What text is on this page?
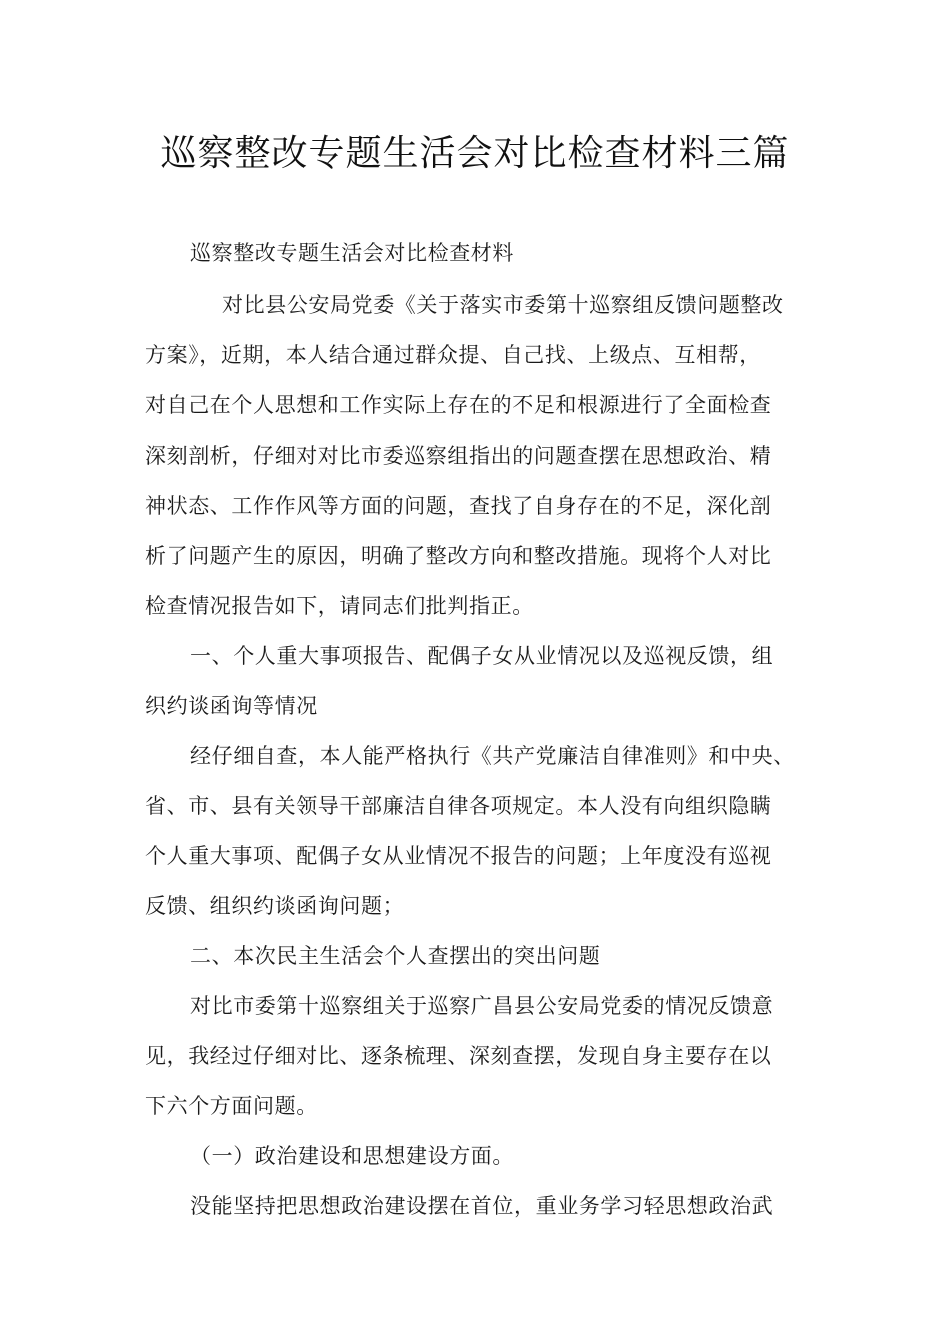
巡察整改专题生活会对比检查材料三篇
巡察整改专题生活会对比检查材料
对比县公安局党委《关于落实市委第十巡察组反馈问题整改
方案》，近期，本人结合通过群众提、自己找、上级点、互相帮，
对自己在个人思想和工作实际上存在的不足和根源进行了全面检查
深刻剖析，仔细对对比市委巡察组指出的问题查摆在思想政治、精
神状态、工作作风等方面的问题，查找了自身存在的不足，深化剖
析了问题产生的原因，明确了整改方向和整改措施。现将个人对比
检查情况报告如下，请同志们批判指正。
一、个人重大事项报告、配偶子女从业情况以及巡视反馈，组
织约谈函询等情况
经仔细自查，本人能严格执行《共产党廉洁自律准则》和中央、
省、市、县有关领导干部廉洁自律各项规定。本人没有向组织隐瞒
个人重大事项、配偶子女从业情况不报告的问题；上年度没有巡视
反馈、组织约谈函询问题；
二、本次民主生活会个人查摆出的突出问题
对比市委第十巡察组关于巡察广昌县公安局党委的情况反馈意
见，我经过仔细对比、逐条梳理、深刻查摆，发现自身主要存在以
下六个方面问题。
（一）政治建设和思想建设方面。
没能坚持把思想政治建设摆在首位，重业务学习轻思想政治武
